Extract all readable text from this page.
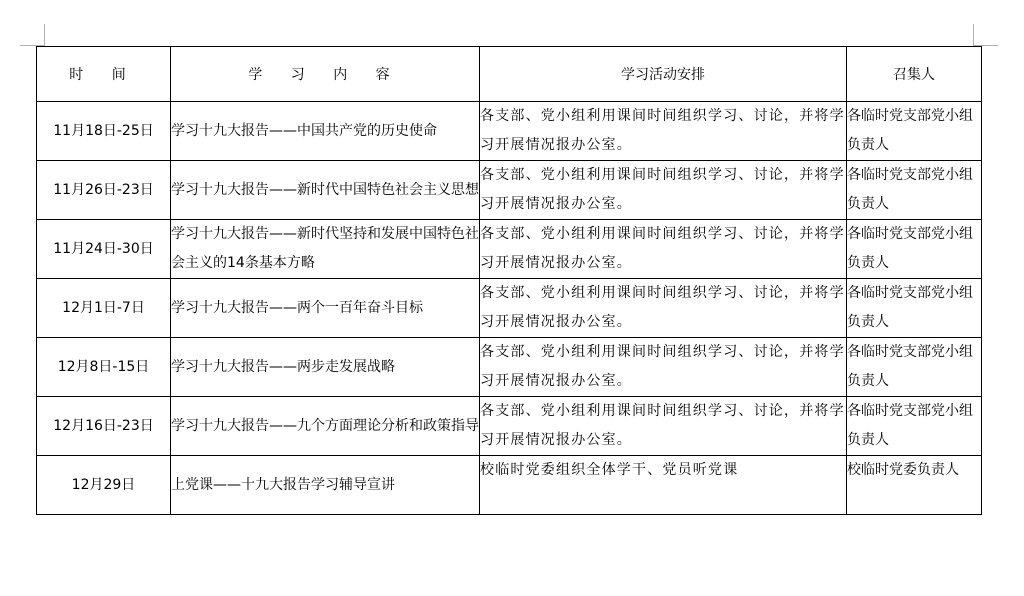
时 间	学 习 内 容	学习活动安排	召集人
11月18日-25日	学习十九大报告——中国共产党的历史使命	各支部、党小组利用课间时间组织学习、讨论，并将学习开展情况报办公室。	各临时党支部党小组负责人
11月26日-23日	学习十九大报告——新时代中国特色社会主义思想	各支部、党小组利用课间时间组织学习、讨论，并将学习开展情况报办公室。	各临时党支部党小组负责人
11月24日-30日	学习十九大报告——新时代坚持和发展中国特色社会主义的14条基本方略	各支部、党小组利用课间时间组织学习、讨论，并将学习开展情况报办公室。	各临时党支部党小组负责人
12月1日-7日	学习十九大报告——两个一百年奋斗目标	各支部、党小组利用课间时间组织学习、讨论，并将学习开展情况报办公室。	各临时党支部党小组负责人
12月8日-15日	学习十九大报告——两步走发展战略	各支部、党小组利用课间时间组织学习、讨论，并将学习开展情况报办公室。	各临时党支部党小组负责人
12月16日-23日	学习十九大报告——九个方面理论分析和政策指导	各支部、党小组利用课间时间组织学习、讨论，并将学习开展情况报办公室。	各临时党支部党小组负责人
12月29日	上党课——十九大报告学习辅导宣讲	校临时党委组织全体学干、党员听党课	校临时党委负责人
